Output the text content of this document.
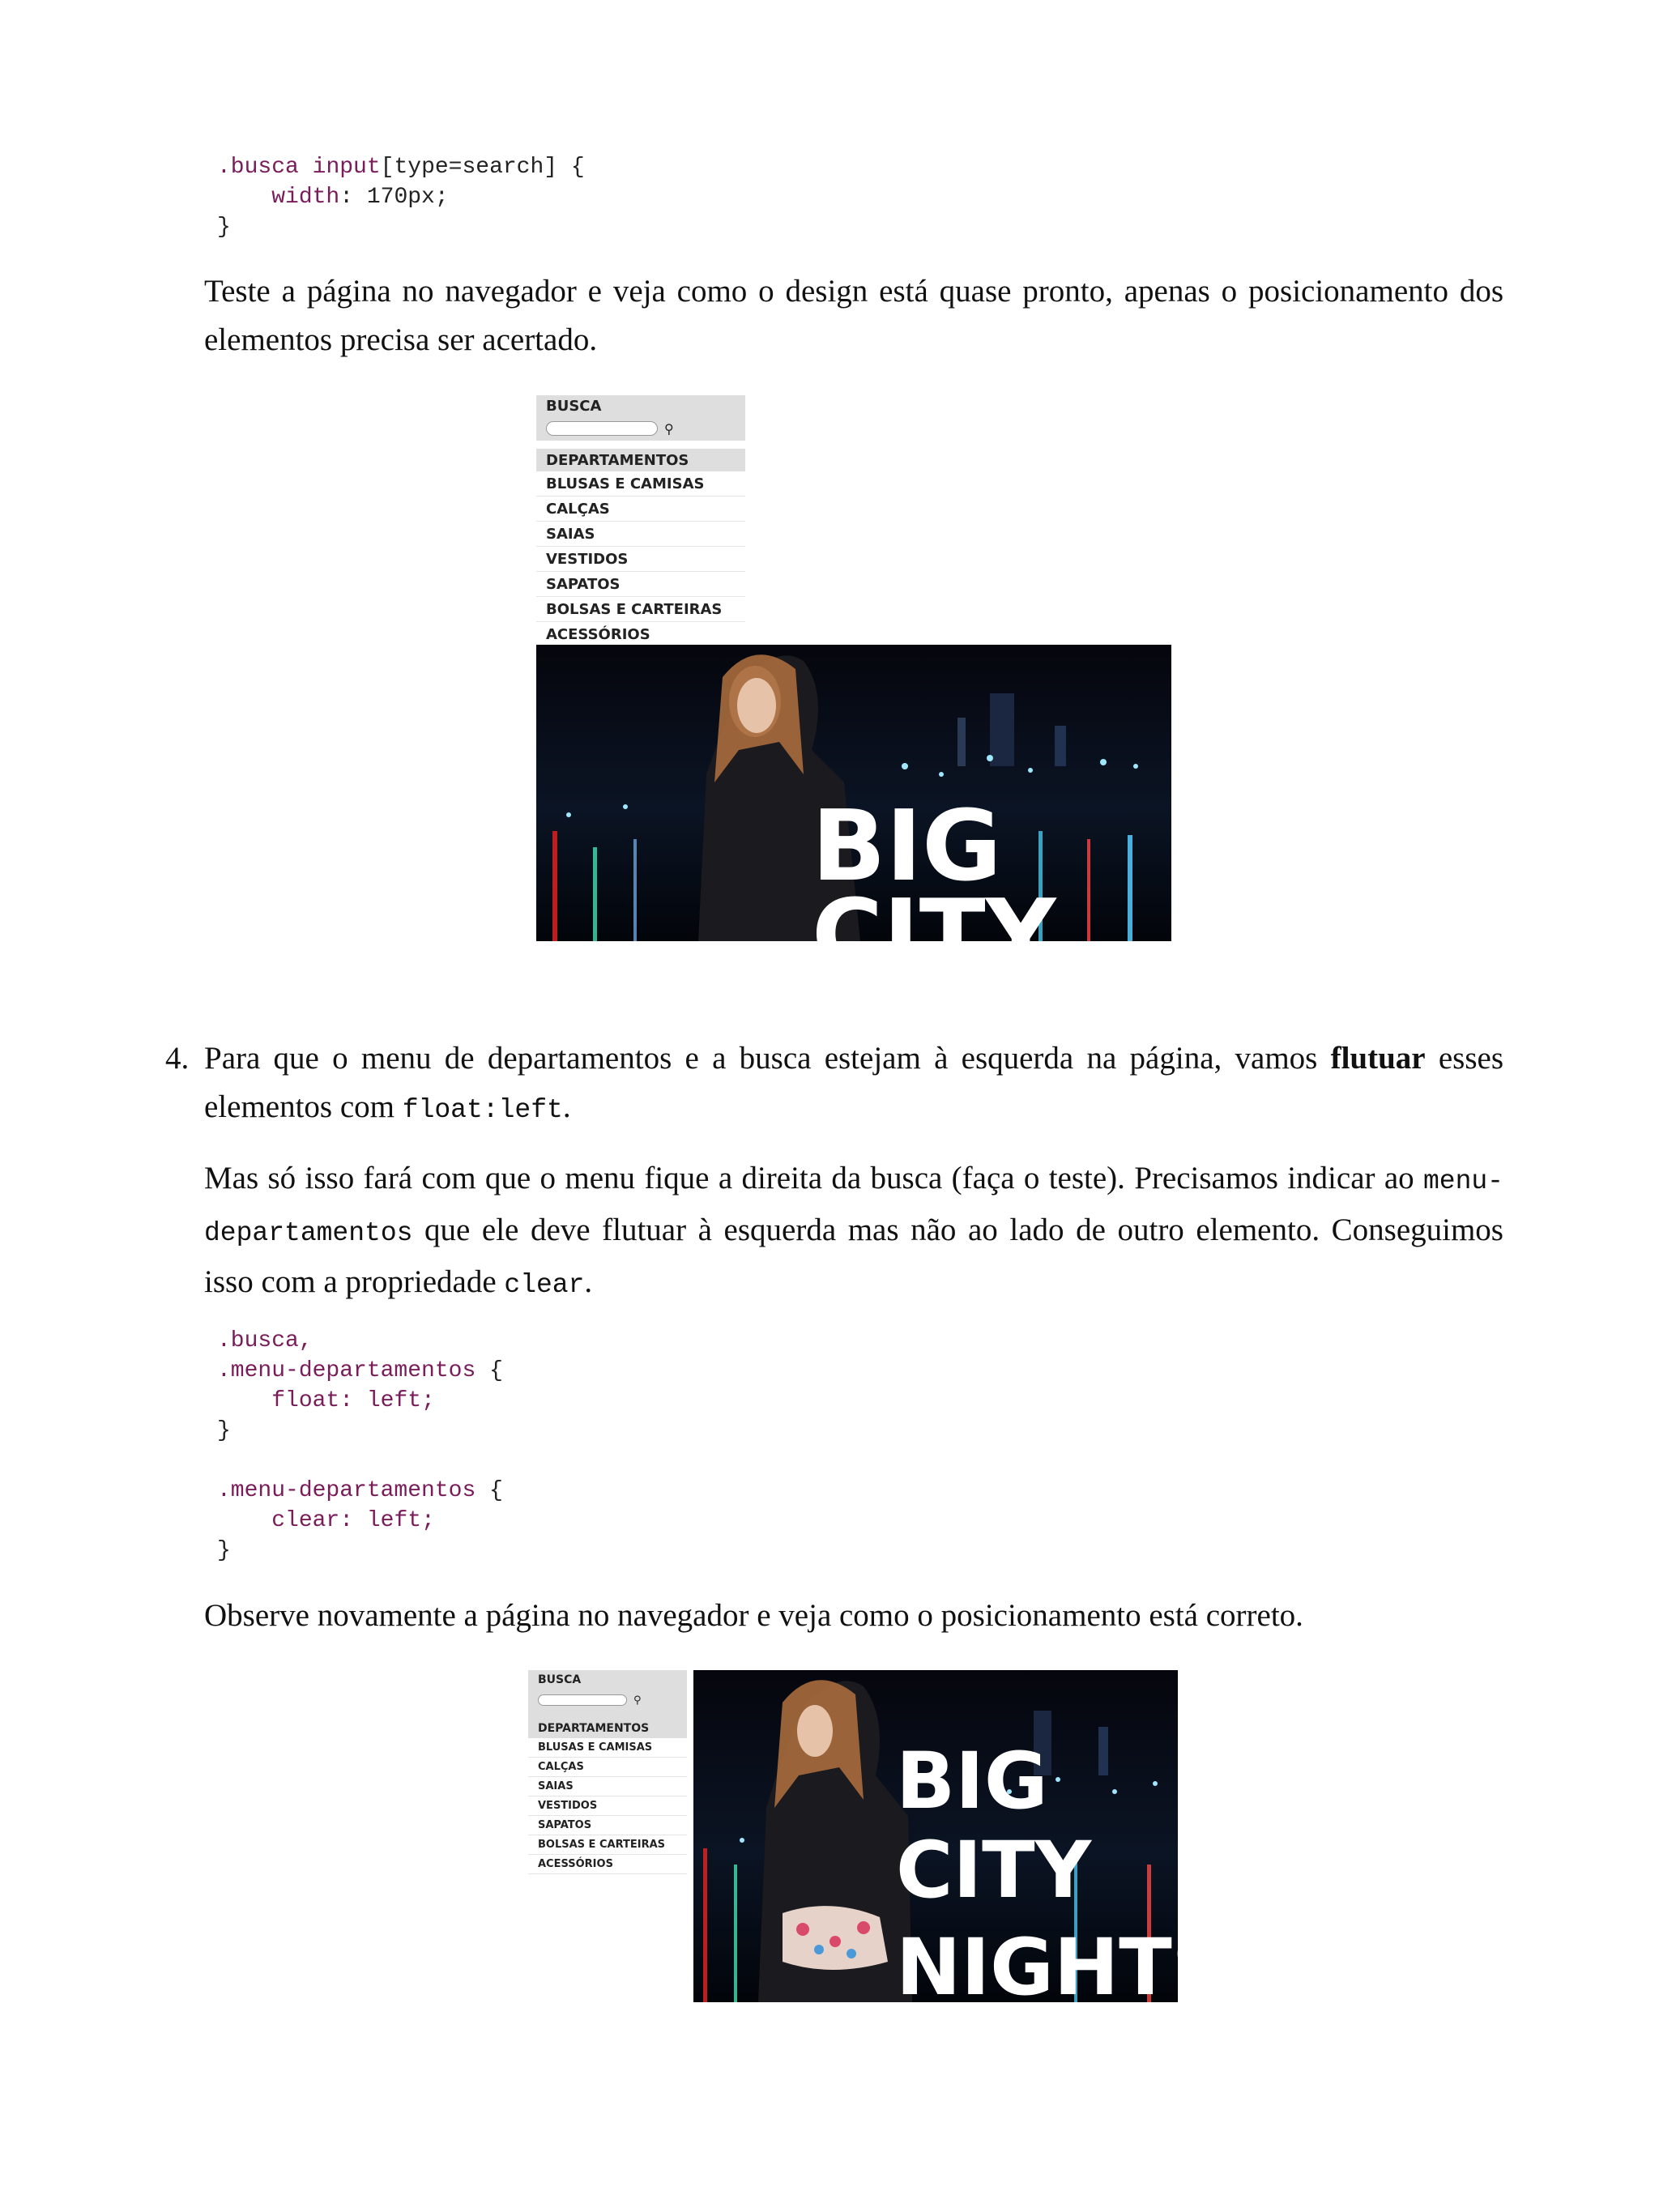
.busca input[type=search] {
width: 170px;
}

Teste a página no navegador e veja como o design está quase pronto, apenas o posicionamento dos elementos precisa ser acertado.

BUSCA
⚲
DEPARTAMENTOS
BLUSAS E CAMISAS
CALÇAS
SAIAS
VESTIDOS
SAPATOS
BOLSAS E CARTEIRAS
ACESSÓRIOS
BIG
CITY
4. Para que o menu de departamentos e a busca estejam à esquerda na página, vamos flutuar esses elementos com float:left.

Mas só isso fará com que o menu fique a direita da busca (faça o teste). Precisamos indicar ao menu-departamentos que ele deve flutuar à esquerda mas não ao lado de outro elemento. Conseguimos isso com a propriedade clear.

.busca,
.menu-departamentos {
float: left;
}
.menu-departamentos {
clear: left;
}

Observe novamente a página no navegador e veja como o posicionamento está correto.

BUSCA
⚲
DEPARTAMENTOS
BLUSAS E CAMISAS
CALÇAS
SAIAS
VESTIDOS
SAPATOS
BOLSAS E CARTEIRAS
ACESSÓRIOS
BIG
CITY
NIGHTS
